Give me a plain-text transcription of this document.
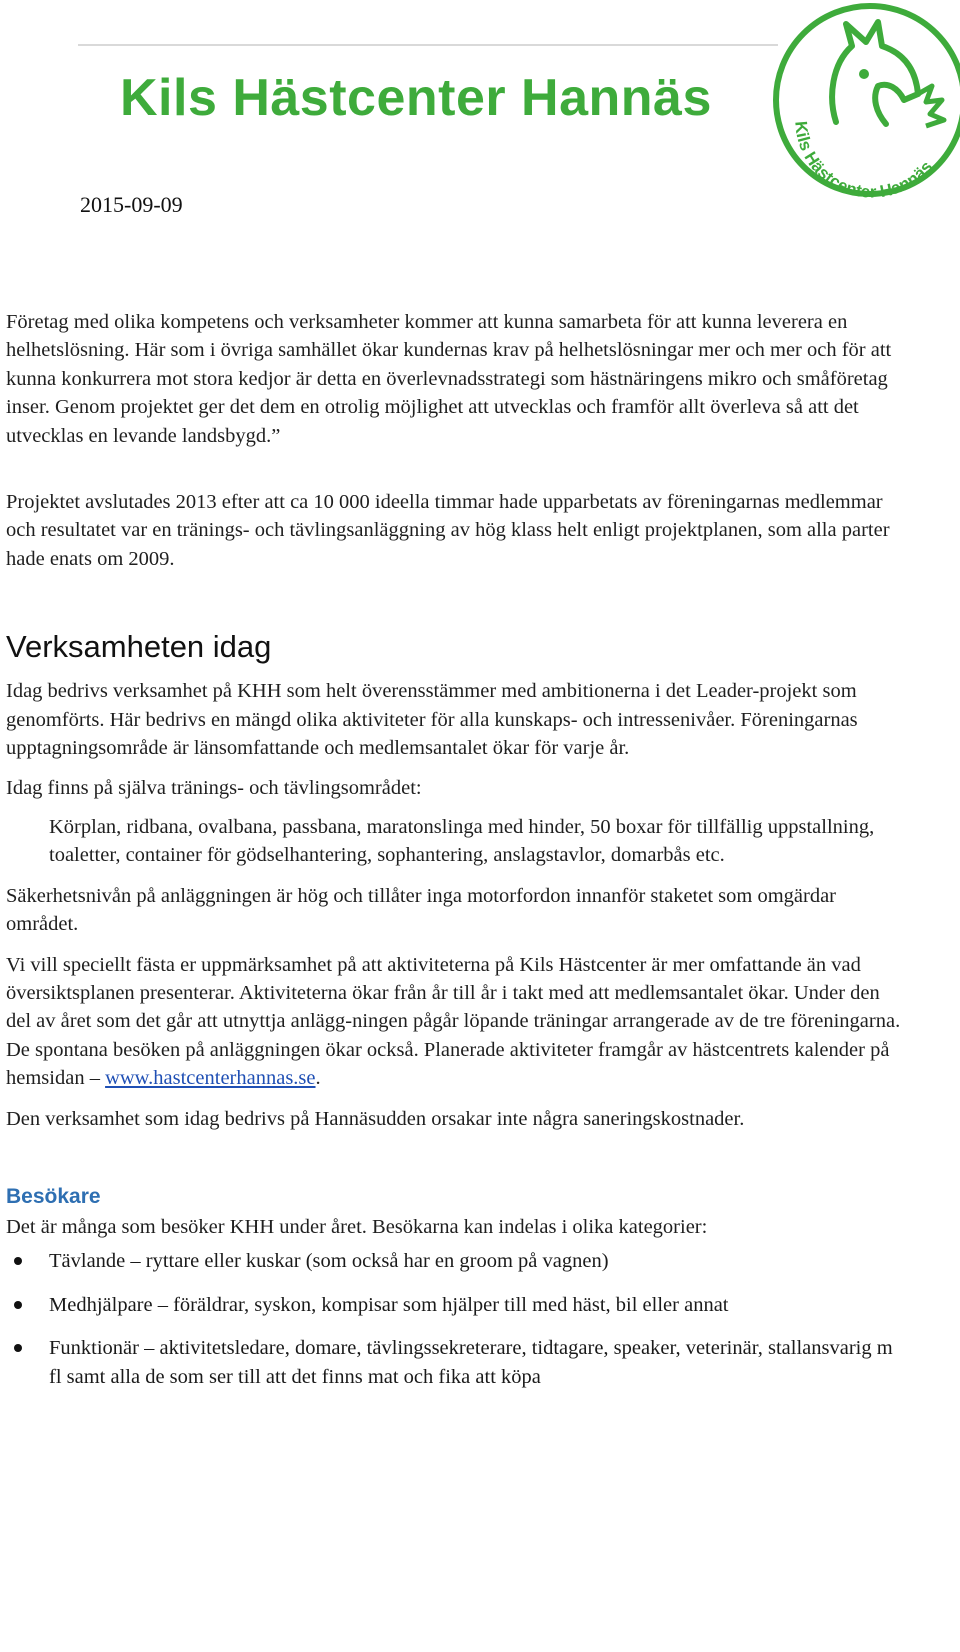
Kils Hästcenter Hannäs
Kils Hästcenter Hannäs
2015-09-09

Företag med olika kompetens och verksamheter kommer att kunna samarbeta för att kunna leverera en helhetslösning. Här som i övriga samhället ökar kundernas krav på helhetslösningar mer och mer och för att kunna konkurrera mot stora kedjor är detta en överlevnadsstrategi som hästnäringens mikro och småföretag inser. Genom projektet ger det dem en otrolig möjlighet att utvecklas och framför allt överleva så att det utvecklas en levande landsbygd.”

Projektet avslutades 2013 efter att ca 10 000 ideella timmar hade upparbetats av föreningarnas medlemmar och resultatet var en tränings- och tävlingsanläggning av hög klass helt enligt projektplanen, som alla parter hade enats om 2009.

Verksamheten idag

Idag bedrivs verksamhet på KHH som helt överensstämmer med ambitionerna i det Leader-projekt som genomförts. Här bedrivs en mängd olika aktiviteter för alla kunskaps- och intressenivåer. Föreningarnas upptagningsområde är länsomfattande och medlemsantalet ökar för varje år.

Idag finns på själva tränings- och tävlingsområdet:

Körplan, ridbana, ovalbana, passbana, maratonslinga med hinder, 50 boxar för tillfällig uppstallning, toaletter, container för gödselhantering, sophantering, anslagstavlor, domarbås etc.

Säkerhetsnivån på anläggningen är hög och tillåter inga motorfordon innanför staketet som omgärdar området.

Vi vill speciellt fästa er uppmärksamhet på att aktiviteterna på Kils Hästcenter är mer omfattande än vad översiktsplanen presenterar. Aktiviteterna ökar från år till år i takt med att medlemsantalet ökar. Under den del av året som det går att utnyttja anlägg-ningen pågår löpande träningar arrangerade av de tre föreningarna. De spontana besöken på anläggningen ökar också. Planerade aktiviteter framgår av hästcentrets kalender på hemsidan – www.hastcenterhannas.se.

Den verksamhet som idag bedrivs på Hannäsudden orsakar inte några saneringskostnader.

Besökare

Det är många som besöker KHH under året. Besökarna kan indelas i olika kategorier:

Tävlande – ryttare eller kuskar (som också har en groom på vagnen)
Medhjälpare – föräldrar, syskon, kompisar som hjälper till med häst, bil eller annat
Funktionär – aktivitetsledare, domare, tävlingssekreterare, tidtagare, speaker, veterinär, stallansvarig m fl samt alla de som ser till att det finns mat och fika att köpa
